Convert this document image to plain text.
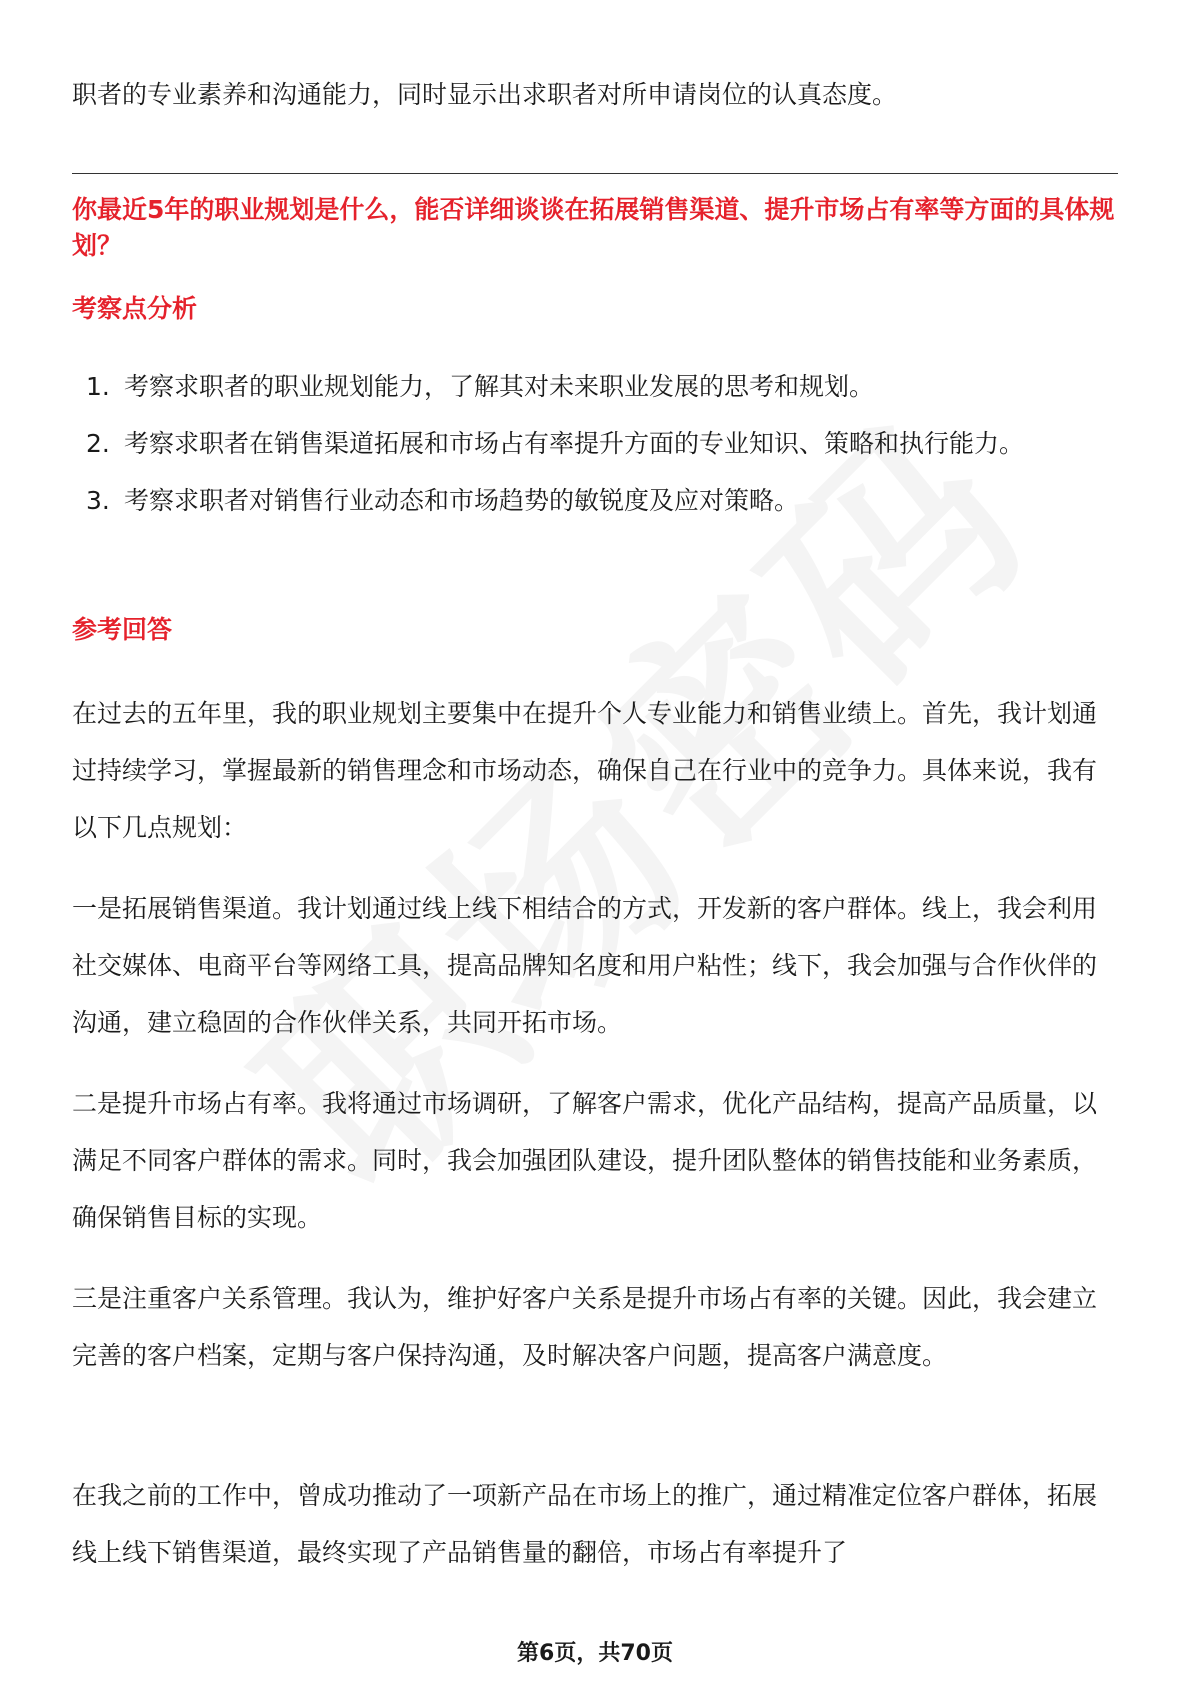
职者的专业素养和沟通能力，同时显示出求职者对所申请岗位的认真态度。

你最近5年的职业规划是什么，能否详细谈谈在拓展销售渠道、提升市场占有率等方面的具体规划？

考察点分析

1. 考察求职者的职业规划能力，了解其对未来职业发展的思考和规划。
2. 考察求职者在销售渠道拓展和市场占有率提升方面的专业知识、策略和执行能力。
3. 考察求职者对销售行业动态和市场趋势的敏锐度及应对策略。

参考回答

在过去的五年里，我的职业规划主要集中在提升个人专业能力和销售业绩上。首先，我计划通过持续学习，掌握最新的销售理念和市场动态，确保自己在行业中的竞争力。具体来说，我有以下几点规划：

一是拓展销售渠道。我计划通过线上线下相结合的方式，开发新的客户群体。线上，我会利用社交媒体、电商平台等网络工具，提高品牌知名度和用户粘性；线下，我会加强与合作伙伴的沟通，建立稳固的合作伙伴关系，共同开拓市场。

二是提升市场占有率。我将通过市场调研，了解客户需求，优化产品结构，提高产品质量，以满足不同客户群体的需求。同时，我会加强团队建设，提升团队整体的销售技能和业务素质，确保销售目标的实现。

三是注重客户关系管理。我认为，维护好客户关系是提升市场占有率的关键。因此，我会建立完善的客户档案，定期与客户保持沟通，及时解决客户问题，提高客户满意度。

在我之前的工作中，曾成功推动了一项新产品在市场上的推广，通过精准定位客户群体，拓展线上线下销售渠道，最终实现了产品销售量的翻倍，市场占有率提升了

第6页，共70页
